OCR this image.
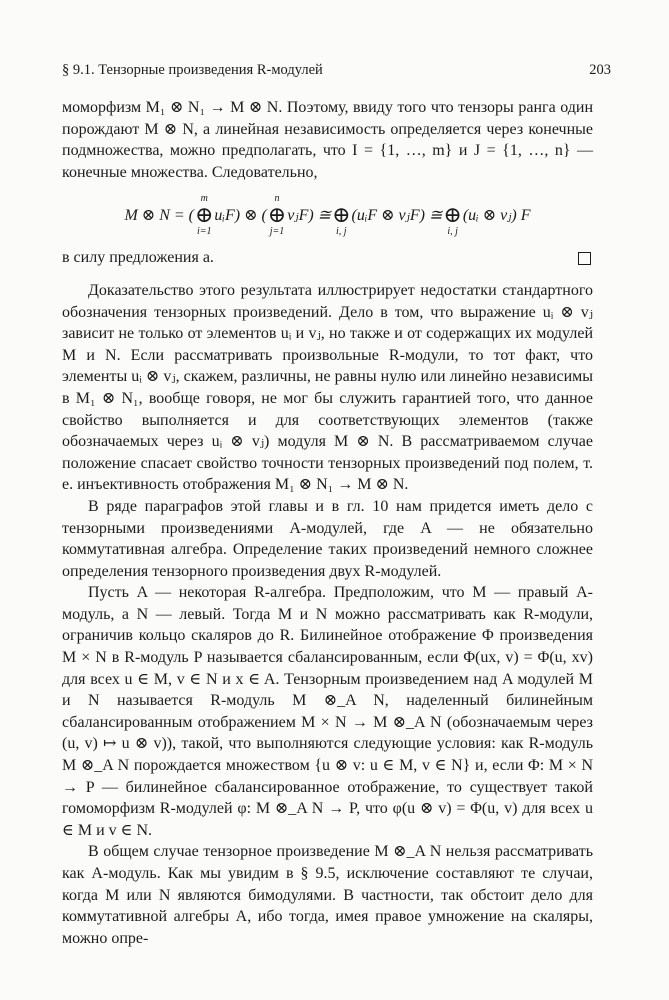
§ 9.1. Тензорные произведения R-модулей	203

моморфизм M₁ ⊗ N₁ → M ⊗ N. Поэтому, ввиду того что тензоры ранга один порождают M ⊗ N, а линейная независимость определяется через конечные подмножества, можно предполагать, что I = {1, …, m} и J = {1, …, n} — конечные множества. Следовательно,

M ⊗ N = (
m
⊕
i=1
uᵢF ) ⊗ (
n
⊕
j=1
vⱼF ) ≅
⊕
i, j
(uᵢF ⊗ vⱼF) ≅
⊕
i, j
(uᵢ ⊗ vⱼ) F
в силу предложения а.

Доказательство этого результата иллюстрирует недостатки стандартного обозначения тензорных произведений. Дело в том, что выражение uᵢ ⊗ vⱼ зависит не только от элементов uᵢ и vⱼ, но также и от содержащих их модулей M и N. Если рассматривать произвольные R-модули, то тот факт, что элементы uᵢ ⊗ vⱼ, скажем, различны, не равны нулю или линейно независимы в M₁ ⊗ N₁, вообще говоря, не мог бы служить гарантией того, что данное свойство выполняется и для соответствующих элементов (также обозначаемых через uᵢ ⊗ vⱼ) модуля M ⊗ N. В рассматриваемом случае положение спасает свойство точности тензорных произведений под полем, т. е. инъективность отображения M₁ ⊗ N₁ → M ⊗ N.

В ряде параграфов этой главы и в гл. 10 нам придется иметь дело с тензорными произведениями A-модулей, где A — не обязательно коммутативная алгебра. Определение таких произведений немного сложнее определения тензорного произведения двух R-модулей.

Пусть A — некоторая R-алгебра. Предположим, что M — правый A-модуль, а N — левый. Тогда M и N можно рассматривать как R-модули, ограничив кольцо скаляров до R. Билинейное отображение Φ произведения M × N в R-модуль P называется сбалансированным, если Φ(ux, v) = Φ(u, xv) для всех u ∈ M, v ∈ N и x ∈ A. Тензорным произведением над A модулей M и N называется R-модуль M ⊗_A N, наделенный билинейным сбалансированным отображением M × N → M ⊗_A N (обозначаемым через (u, v) ↦ u ⊗ v)), такой, что выполняются следующие условия: как R-модуль M ⊗_A N порождается множеством {u ⊗ v: u ∈ M, v ∈ N} и, если Φ: M × N → P — билинейное сбалансированное отображение, то существует такой гомоморфизм R-модулей φ: M ⊗_A N → P, что φ(u ⊗ v) = Φ(u, v) для всех u ∈ M и v ∈ N.

В общем случае тензорное произведение M ⊗_A N нельзя рассматривать как A-модуль. Как мы увидим в § 9.5, исключение составляют те случаи, когда M или N являются бимодулями. В частности, так обстоит дело для коммутативной алгебры A, ибо тогда, имея правое умножение на скаляры, можно опре-
